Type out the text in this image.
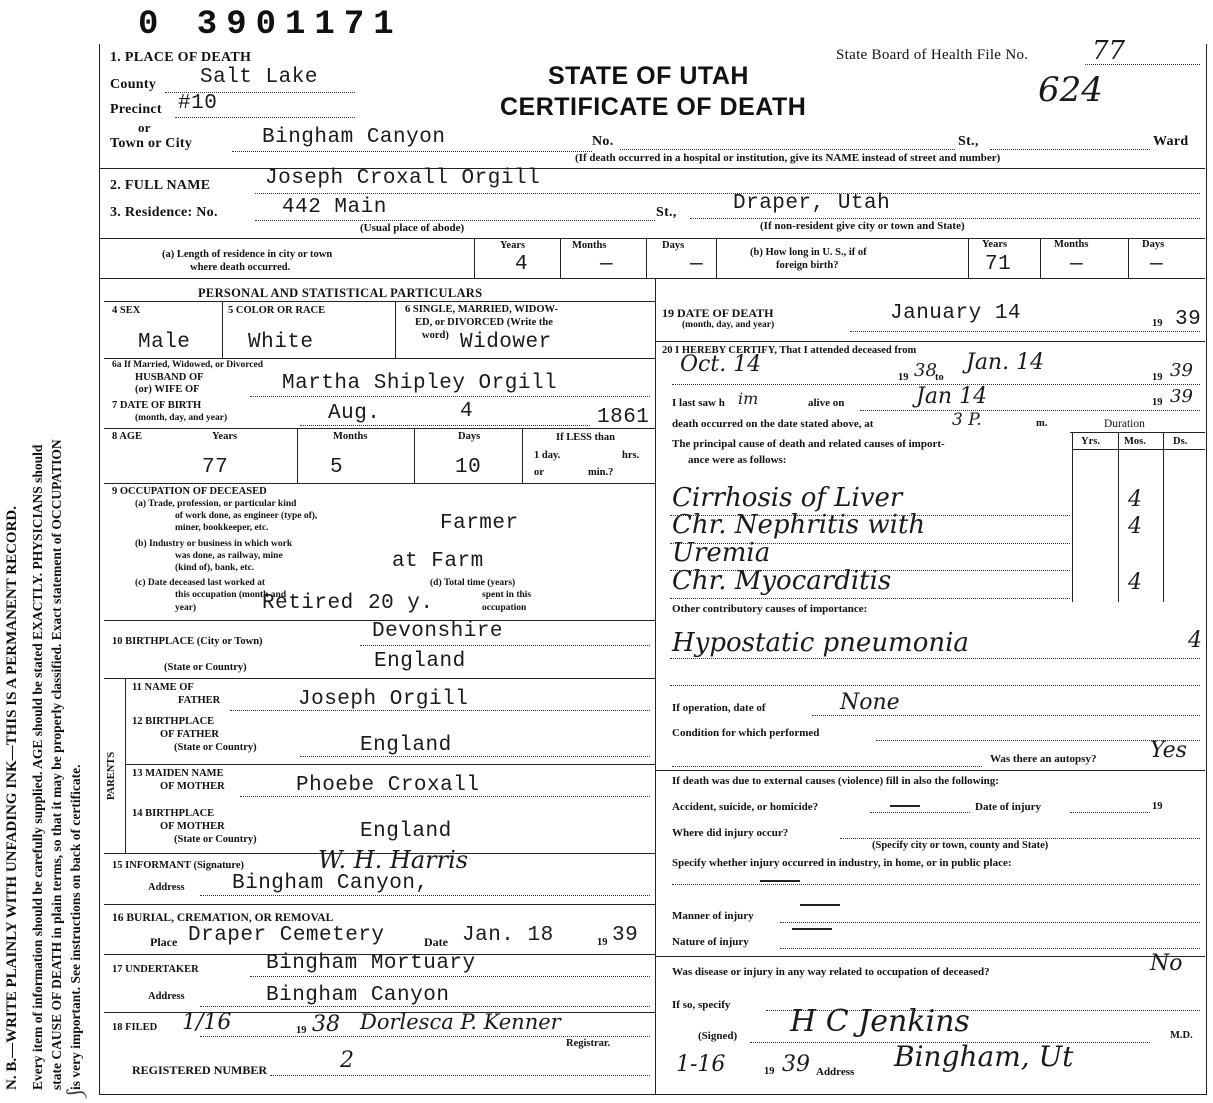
0 3901171
N. B.—WRITE PLAINLY WITH UNFADING INK—THIS IS A PERMANENT RECORD. Every item of information should be carefully supplied. AGE should be stated EXACTLY. PHYSICIANS should state CAUSE OF DEATH in plain terms, so that it may be properly classified. Exact statement of OCCUPATION is very important. See instructions on back of certificate.
1. PLACE OF DEATH
County Salt Lake
Precinct #10
or
Town or City	Bingham Canyon	No.	St.,	Ward
(If death occurred in a hospital or institution, give its NAME instead of street and number)
STATE OF UTAH
CERTIFICATE OF DEATH
State Board of Health File No. 77
624
2. FULL NAME	Joseph Croxall Orgill
3. Residence: No.	442 Main	St.,	Draper, Utah
(Usual place of abode)	(If non-resident give city or town and State)
(a) Length of residence in city or town
where death occurred.
Years	Months	Days
4	—	—
(b) How long in U. S., if of
foreign birth?
Years	Months	Days
71	—	—
PERSONAL AND STATISTICAL PARTICULARS
4 SEX	5 COLOR OR RACE	6 SINGLE, MARRIED, WIDOW-
ED, or DIVORCED (Write the
word)
Male	White	Widower
6a If Married, Widowed, or Divorced
HUSBAND OF
(or) WIFE OF	Martha Shipley Orgill
7 DATE OF BIRTH
(month, day, and year)	Aug.	4	1861
8 AGE	Years	Months	Days	If LESS than
1 day.	hrs.
or	min.?
77	5	10
9 OCCUPATION OF DECEASED
(a) Trade, profession, or particular kind
of work done, as engineer (type of),
miner, bookkeeper, etc.	Farmer
(b) Industry or business in which work
was done, as railway, mine
(kind of), bank, etc.	at Farm
(c) Date deceased last worked at
this occupation (month and
year)	Retired 20 y.
(d) Total time (years)
spent in this
occupation
10 BIRTHPLACE (City or Town)	Devonshire
(State or Country)	England
PARENTS
11 NAME OF
FATHER	Joseph Orgill
12 BIRTHPLACE
OF FATHER
(State or Country)	England
13 MAIDEN NAME
OF MOTHER	Phoebe Croxall
14 BIRTHPLACE
OF MOTHER
(State or Country)	England
15 INFORMANT (Signature)	W. H. Harris
Address Bingham Canyon,
16 BURIAL, CREMATION, OR REMOVAL
Place Draper Cemetery	Date Jan. 18	19 39
17 UNDERTAKER	Bingham Mortuary
Address	Bingham Canyon
18 FILED 1/16	19 38 Dorlesca P. Kenner
Registrar.
REGISTERED NUMBER	2
19 DATE OF DEATH
(month, day, and year)	January 14	19 39
20 I HEREBY CERTIFY, That I attended deceased from
Oct. 14
19 38
to
Jan. 14
19 39
I last saw h im	alive on	Jan 14	19 39
death occurred on the date stated above, at	3 P.	m.	Duration
The principal cause of death and related causes of import-
ance were as follows:
Yrs. Mos.	Ds.
Cirrhosis of Liver	4
Chr. Nephritis with	4
Uremia
Chr. Myocarditis	4
Other contributory causes of importance:
Hypostatic pneumonia	4
If operation, date of	None
Condition for which performed
Was there an autopsy? Yes
If death was due to external causes (violence) fill in also the following:
Accident, suicide, or homicide?	Date of injury	19
Where did injury occur?
(Specify city or town, county and State)
Specify whether injury occurred in industry, in home, or in public place:
Manner of injury
Nature of injury
Was disease or injury in any way related to occupation of deceased?	No
If so, specify
(Signed) H C Jenkins	M.D.
1-16	19 39 Address Bingham, Ut
⟆
